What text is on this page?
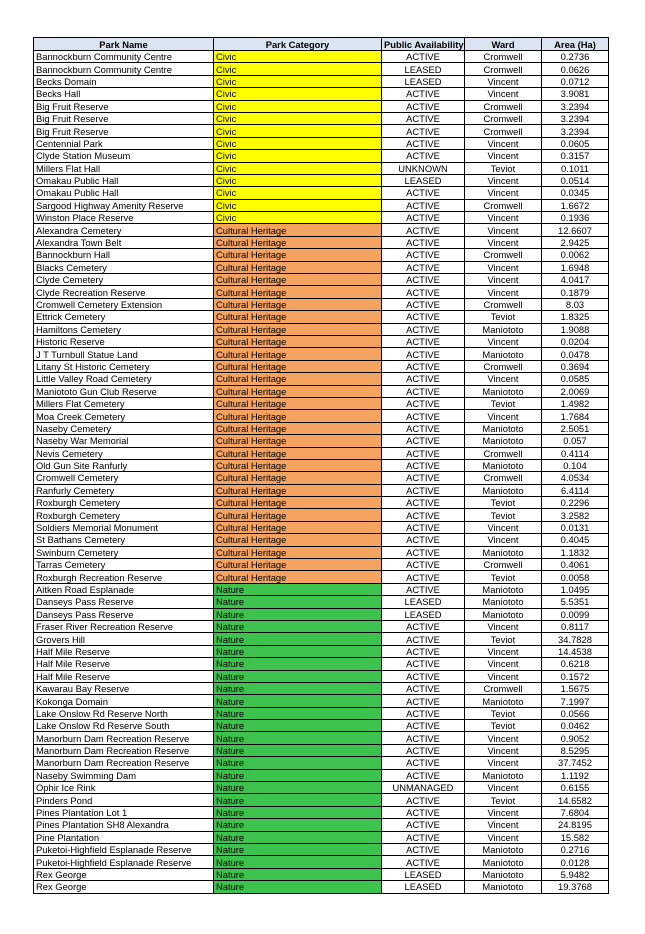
Park Name	Park Category	Public Availability	Ward	Area (Ha)
Bannockburn Community Centre	Civic	ACTIVE	Cromwell	0.2736
Bannockburn Community Centre	Civic	LEASED	Cromwell	0.0626
Becks Domain	Civic	LEASED	Vincent	0.0712
Becks Hall	Civic	ACTIVE	Vincent	3.9081
Big Fruit Reserve	Civic	ACTIVE	Cromwell	3.2394
Big Fruit Reserve	Civic	ACTIVE	Cromwell	3.2394
Big Fruit Reserve	Civic	ACTIVE	Cromwell	3.2394
Centennial Park	Civic	ACTIVE	Vincent	0.0605
Clyde Station Museum	Civic	ACTIVE	Vincent	0.3157
Millers Flat Hall	Civic	UNKNOWN	Teviot	0.1011
Omakau Public Hall	Civic	LEASED	Vincent	0.0514
Omakau Public Hall	Civic	ACTIVE	Vincent	0.0345
Sargood Highway Amenity Reserve	Civic	ACTIVE	Cromwell	1.6672
Winston Place Reserve	Civic	ACTIVE	Vincent	0.1936
Alexandra Cemetery	Cultural Heritage	ACTIVE	Vincent	12.6607
Alexandra Town Belt	Cultural Heritage	ACTIVE	Vincent	2.9425
Bannockburn Hall	Cultural Heritage	ACTIVE	Cromwell	0.0062
Blacks Cemetery	Cultural Heritage	ACTIVE	Vincent	1.6948
Clyde Cemetery	Cultural Heritage	ACTIVE	Vincent	4.0417
Clyde Recreation Reserve	Cultural Heritage	ACTIVE	Vincent	0.1879
Cromwell Cemetery Extension	Cultural Heritage	ACTIVE	Cromwell	8.03
Ettrick Cemetery	Cultural Heritage	ACTIVE	Teviot	1.8325
Hamiltons Cemetery	Cultural Heritage	ACTIVE	Maniototo	1.9088
Historic Reserve	Cultural Heritage	ACTIVE	Vincent	0.0204
J T Turnbull Statue Land	Cultural Heritage	ACTIVE	Maniototo	0.0478
Litany St Historic Cemetery	Cultural Heritage	ACTIVE	Cromwell	0.3694
Little Valley Road Cemetery	Cultural Heritage	ACTIVE	Vincent	0.0585
Maniototo Gun Club Reserve	Cultural Heritage	ACTIVE	Maniototo	2.0069
Millers Flat Cemetery	Cultural Heritage	ACTIVE	Teviot	1.4982
Moa Creek Cemetery	Cultural Heritage	ACTIVE	Vincent	1.7684
Naseby Cemetery	Cultural Heritage	ACTIVE	Maniototo	2.5051
Naseby War Memorial	Cultural Heritage	ACTIVE	Maniototo	0.057
Nevis Cemetery	Cultural Heritage	ACTIVE	Cromwell	0.4114
Old Gun Site Ranfurly	Cultural Heritage	ACTIVE	Maniototo	0.104
Cromwell Cemetery	Cultural Heritage	ACTIVE	Cromwell	4.0534
Ranfurly Cemetery	Cultural Heritage	ACTIVE	Maniototo	6.4114
Roxburgh Cemetery	Cultural Heritage	ACTIVE	Teviot	0.2296
Roxburgh Cemetery	Cultural Heritage	ACTIVE	Teviot	3.2582
Soldiers Memorial Monument	Cultural Heritage	ACTIVE	Vincent	0.0131
St Bathans Cemetery	Cultural Heritage	ACTIVE	Vincent	0.4045
Swinburn Cemetery	Cultural Heritage	ACTIVE	Maniototo	1.1832
Tarras Cemetery	Cultural Heritage	ACTIVE	Cromwell	0.4061
Roxburgh Recreation Reserve	Cultural Heritage	ACTIVE	Teviot	0.0058
Aitken Road Esplanade	Nature	ACTIVE	Maniototo	1.0495
Danseys Pass Reserve	Nature	LEASED	Maniototo	5.5351
Danseys Pass Reserve	Nature	LEASED	Maniototo	0.0099
Fraser River Recreation Reserve	Nature	ACTIVE	Vincent	0.8117
Grovers Hill	Nature	ACTIVE	Teviot	34.7828
Half Mile Reserve	Nature	ACTIVE	Vincent	14.4538
Half Mile Reserve	Nature	ACTIVE	Vincent	0.6218
Half Mile Reserve	Nature	ACTIVE	Vincent	0.1572
Kawarau Bay Reserve	Nature	ACTIVE	Cromwell	1.5675
Kokonga Domain	Nature	ACTIVE	Maniototo	7.1997
Lake Onslow Rd Reserve North	Nature	ACTIVE	Teviot	0.0566
Lake Onslow Rd Reserve South	Nature	ACTIVE	Teviot	0.0462
Manorburn Dam Recreation Reserve	Nature	ACTIVE	Vincent	0.9052
Manorburn Dam Recreation Reserve	Nature	ACTIVE	Vincent	8.5295
Manorburn Dam Recreation Reserve	Nature	ACTIVE	Vincent	37.7452
Naseby Swimming Dam	Nature	ACTIVE	Maniototo	1.1192
Ophir Ice Rink	Nature	UNMANAGED	Vincent	0.6155
Pinders Pond	Nature	ACTIVE	Teviot	14.6582
Pines Plantation Lot 1	Nature	ACTIVE	Vincent	7.6804
Pines Plantation SH8 Alexandra	Nature	ACTIVE	Vincent	24.8195
Pine Plantation	Nature	ACTIVE	Vincent	15.582
Puketoi-Highfield Esplanade Reserve	Nature	ACTIVE	Maniototo	0.2716
Puketoi-Highfield Esplanade Reserve	Nature	ACTIVE	Maniototo	0.0128
Rex George	Nature	LEASED	Maniototo	5.9482
Rex George	Nature	LEASED	Maniototo	19.3768
